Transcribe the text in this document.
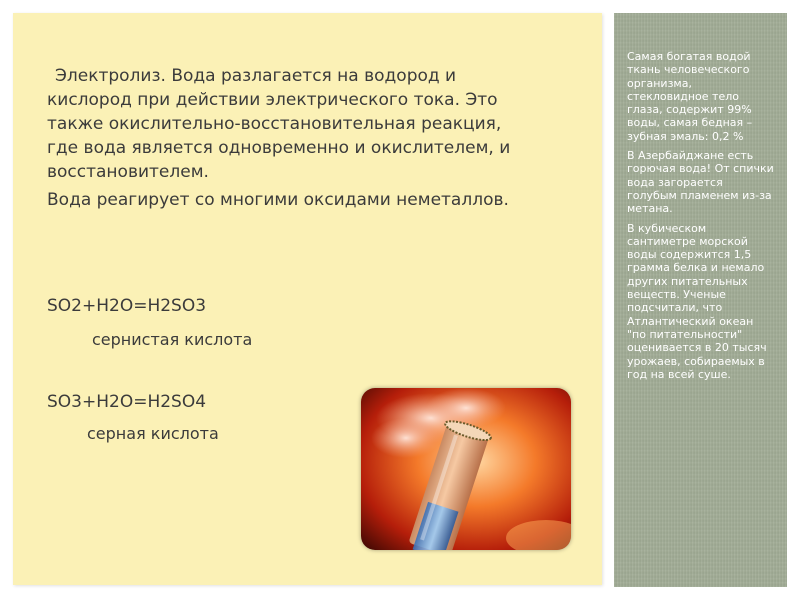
Электролиз. Вода разлагается на водород и кислород при действии электрического тока. Это также окислительно-восстановительная реакция, где вода является одновременно и окислителем, и восстановителем.

Вода реагирует со многими оксидами неметаллов.

SO2+H2O=H2SO3
сернистая кислота
SO3+H2O=H2SO4
серная кислота

Самая богатая водой ткань человеческого организма, стекловидное тело глаза, содержит 99% воды, самая бедная – зубная эмаль: 0,2 %

В Азербайджане есть горючая вода! От спички вода загорается голубым пламенем из-за метана.

В кубическом сантиметре морской воды содержится 1,5 грамма белка и немало других питательных веществ. Ученые подсчитали, что Атлантический океан "по питательности" оценивается в 20 тысяч урожаев, собираемых в год на всей суше.
